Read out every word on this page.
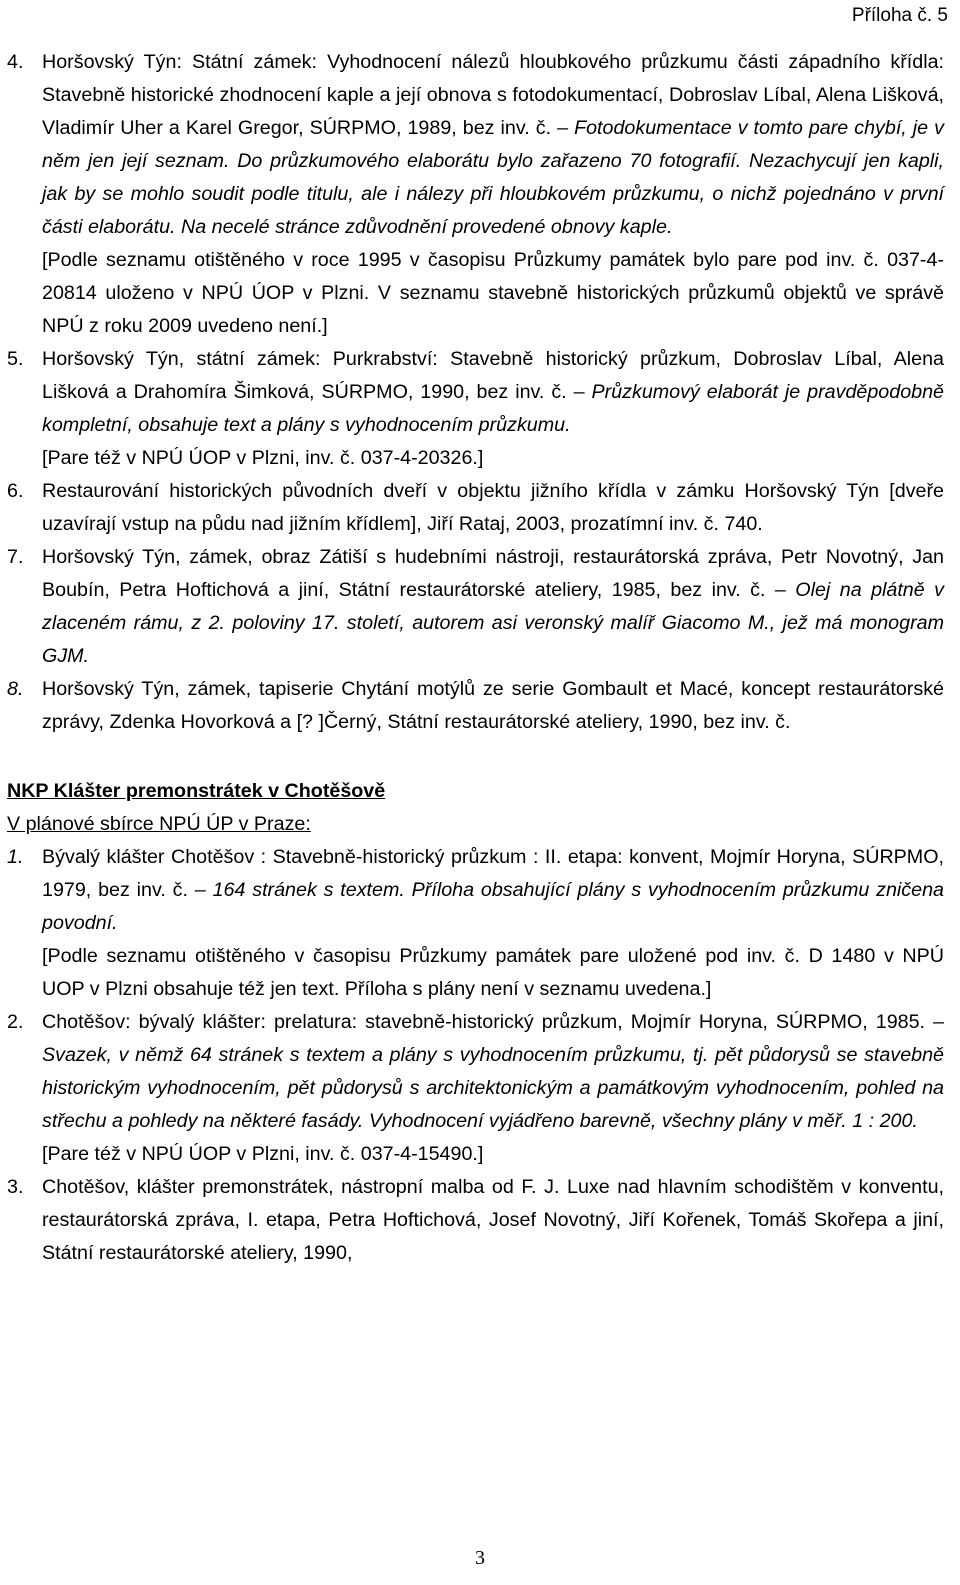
Příloha č. 5
4. Horšovský Týn: Státní zámek: Vyhodnocení nálezů hloubkového průzkumu části západního křídla: Stavebně historické zhodnocení kaple a její obnova s fotodokumentací, Dobroslav Líbal, Alena Lišková, Vladimír Uher a Karel Gregor, SÚRPMO, 1989, bez inv. č. – Fotodokumentace v tomto pare chybí, je v něm jen její seznam. Do průzkumového elaborátu bylo zařazeno 70 fotografií. Nezachycují jen kapli, jak by se mohlo soudit podle titulu, ale i nálezy při hloubkovém průzkumu, o nichž pojednáno v první části elaborátu. Na necelé stránce zdůvodnění provedené obnovy kaple.

[Podle seznamu otištěného v roce 1995 v časopisu Průzkumy památek bylo pare pod inv. č. 037-4-20814 uloženo v NPÚ ÚOP v Plzni. V seznamu stavebně historických průzkumů objektů ve správě NPÚ z roku 2009 uvedeno není.]

5. Horšovský Týn, státní zámek: Purkrabství: Stavebně historický průzkum, Dobroslav Líbal, Alena Lišková a Drahomíra Šimková, SÚRPMO, 1990, bez inv. č. – Průzkumový elaborát je pravděpodobně kompletní, obsahuje text a plány s vyhodnocením průzkumu.

[Pare též v NPÚ ÚOP v Plzni, inv. č. 037-4-20326.]

6. Restaurování historických původních dveří v objektu jižního křídla v zámku Horšovský Týn [dveře uzavírají vstup na půdu nad jižním křídlem], Jiří Rataj, 2003, prozatímní inv. č. 740.

7. Horšovský Týn, zámek, obraz Zátiší s hudebními nástroji, restaurátorská zpráva, Petr Novotný, Jan Boubín, Petra Hoftichová a jiní, Státní restaurátorské ateliery, 1985, bez inv. č. – Olej na plátně v zlaceném rámu, z 2. poloviny 17. století, autorem asi veronský malíř Giacomo M., jež má monogram GJM.

8. Horšovský Týn, zámek, tapiserie Chytání motýlů ze serie Gombault et Macé, koncept restaurátorské zprávy, Zdenka Hovorková a [? ]Černý, Státní restaurátorské ateliery, 1990, bez inv. č.

NKP Klášter premonstrátek v Chotěšově
V plánové sbírce NPÚ ÚP v Praze:
1. Bývalý klášter Chotěšov : Stavebně-historický průzkum : II. etapa: konvent, Mojmír Horyna, SÚRPMO, 1979, bez inv. č. – 164 stránek s textem. Příloha obsahující plány s vyhodnocením průzkumu zničena povodní.

[Podle seznamu otištěného v časopisu Průzkumy památek pare uložené pod inv. č. D 1480 v NPÚ UOP v Plzni obsahuje též jen text. Příloha s plány není v seznamu uvedena.]

2. Chotěšov: bývalý klášter: prelatura: stavebně-historický průzkum, Mojmír Horyna, SÚRPMO, 1985. – Svazek, v němž 64 stránek s textem a plány s vyhodnocením průzkumu, tj. pět půdorysů se stavebně historickým vyhodnocením, pět půdorysů s architektonickým a památkovým vyhodnocením, pohled na střechu a pohledy na některé fasády. Vyhodnocení vyjádřeno barevně, všechny plány v měř. 1 : 200.

[Pare též v NPÚ ÚOP v Plzni, inv. č. 037-4-15490.]

3. Chotěšov, klášter premonstrátek, nástropní malba od F. J. Luxe nad hlavním schodištěm v konventu, restaurátorská zpráva, I. etapa, Petra Hoftichová, Josef Novotný, Jiří Kořenek, Tomáš Skořepa a jiní, Státní restaurátorské ateliery, 1990,

3
